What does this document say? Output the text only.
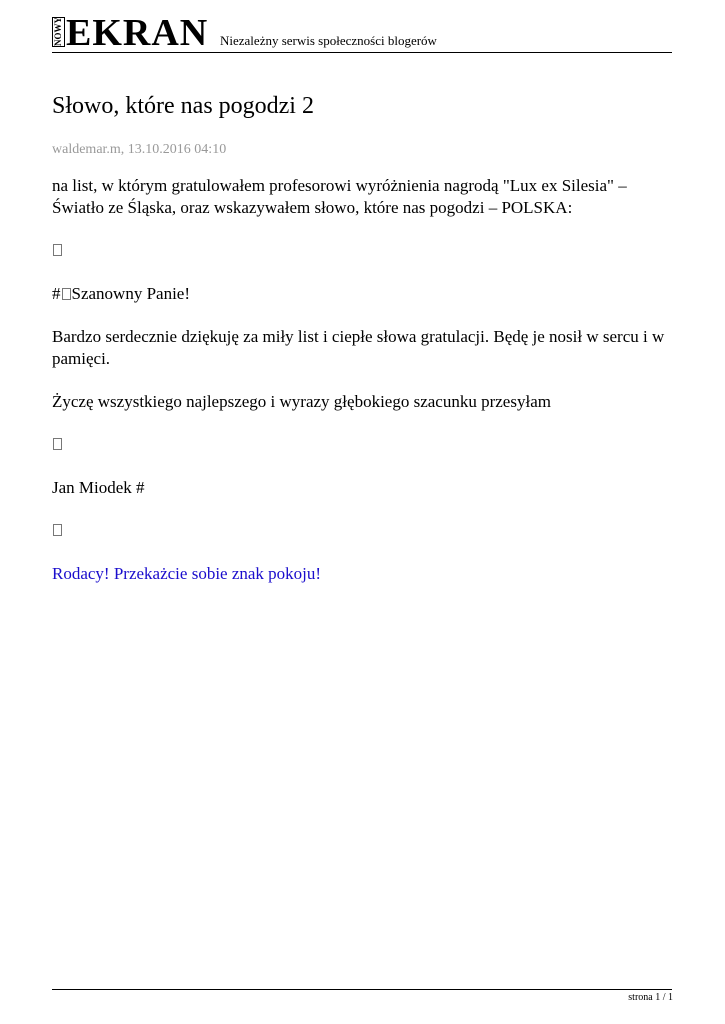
NOWY EKRAN Niezależny serwis społeczności blogerów
Słowo, które nas pogodzi 2
waldemar.m, 13.10.2016 04:10

na list, w którym gratulowałem profesorowi wyróżnienia nagrodą "Lux ex Silesia" – Światło ze Śląska, oraz wskazywałem słowo, które nas pogodzi – POLSKA:

# Szanowny Panie!

Bardzo serdecznie dziękuję za miły list i ciepłe słowa gratulacji. Będę je nosił w sercu i w pamięci.

Życzę wszystkiego najlepszego i wyrazy głębokiego szacunku przesyłam

Jan Miodek #

Rodacy! Przekażcie sobie znak pokoju!

strona 1 / 1
